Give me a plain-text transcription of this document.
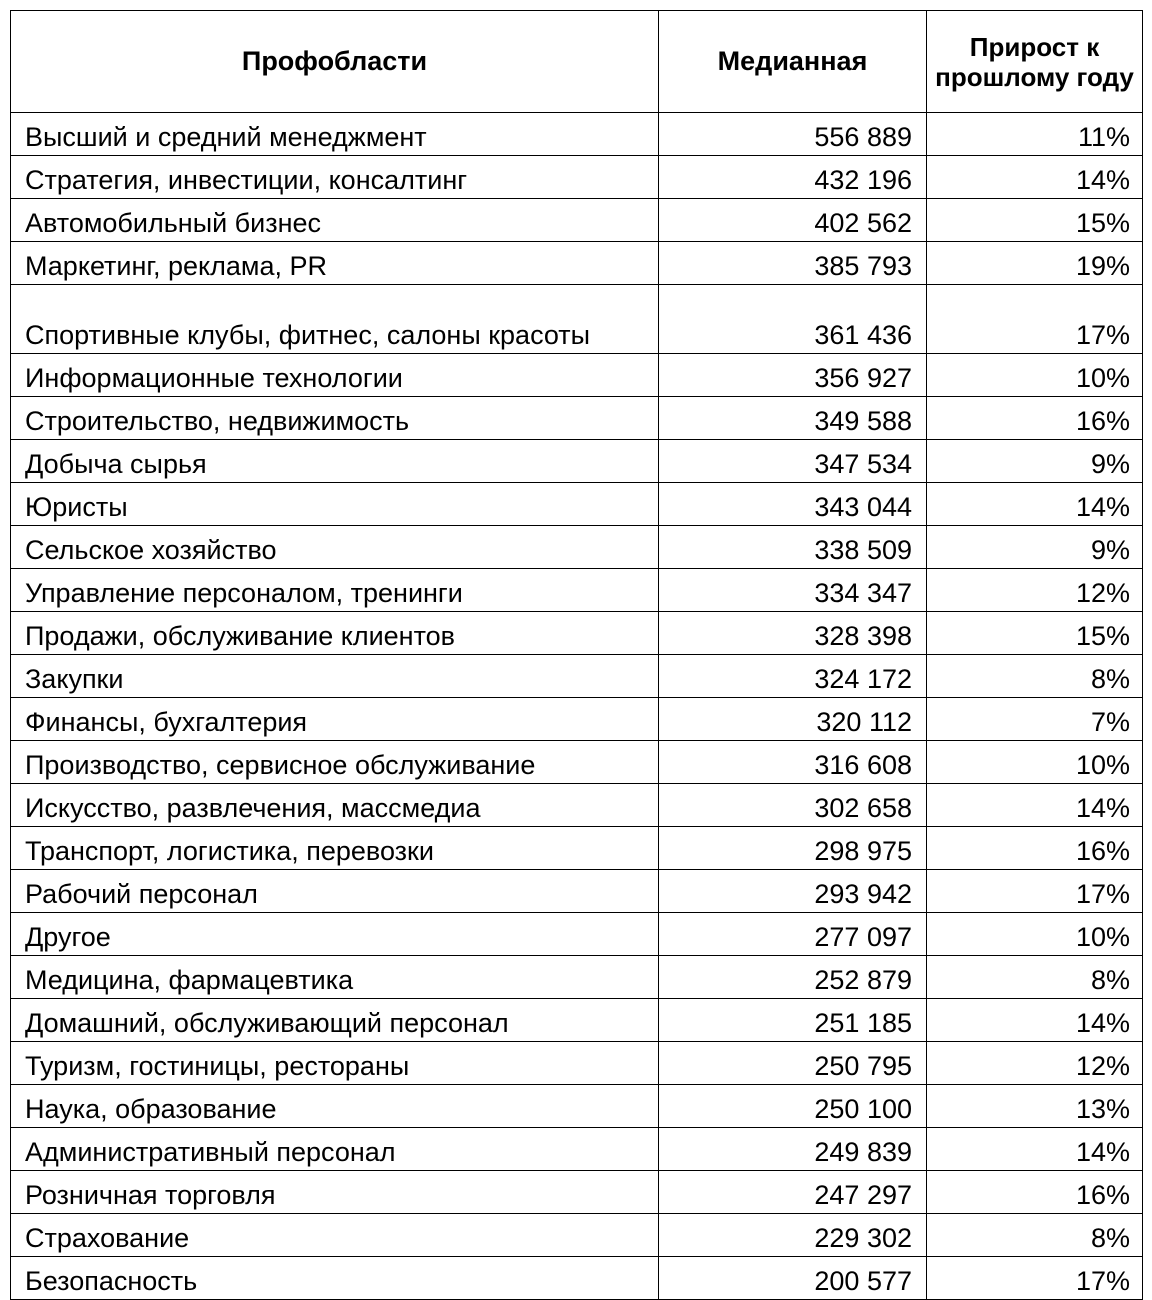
Профобласти	Медианная	Прирост к прошлому году
Высший и средний менеджмент	556 889	11%
Стратегия, инвестиции, консалтинг	432 196	14%
Автомобильный бизнес	402 562	15%
Маркетинг, реклама, PR	385 793	19%
Спортивные клубы, фитнес, салоны красоты	361 436	17%
Информационные технологии	356 927	10%
Строительство, недвижимость	349 588	16%
Добыча сырья	347 534	9%
Юристы	343 044	14%
Сельское хозяйство	338 509	9%
Управление персоналом, тренинги	334 347	12%
Продажи, обслуживание клиентов	328 398	15%
Закупки	324 172	8%
Финансы, бухгалтерия	320 112	7%
Производство, сервисное обслуживание	316 608	10%
Искусство, развлечения, массмедиа	302 658	14%
Транспорт, логистика, перевозки	298 975	16%
Рабочий персонал	293 942	17%
Другое	277 097	10%
Медицина, фармацевтика	252 879	8%
Домашний, обслуживающий персонал	251 185	14%
Туризм, гостиницы, рестораны	250 795	12%
Наука, образование	250 100	13%
Административный персонал	249 839	14%
Розничная торговля	247 297	16%
Страхование	229 302	8%
Безопасность	200 577	17%
